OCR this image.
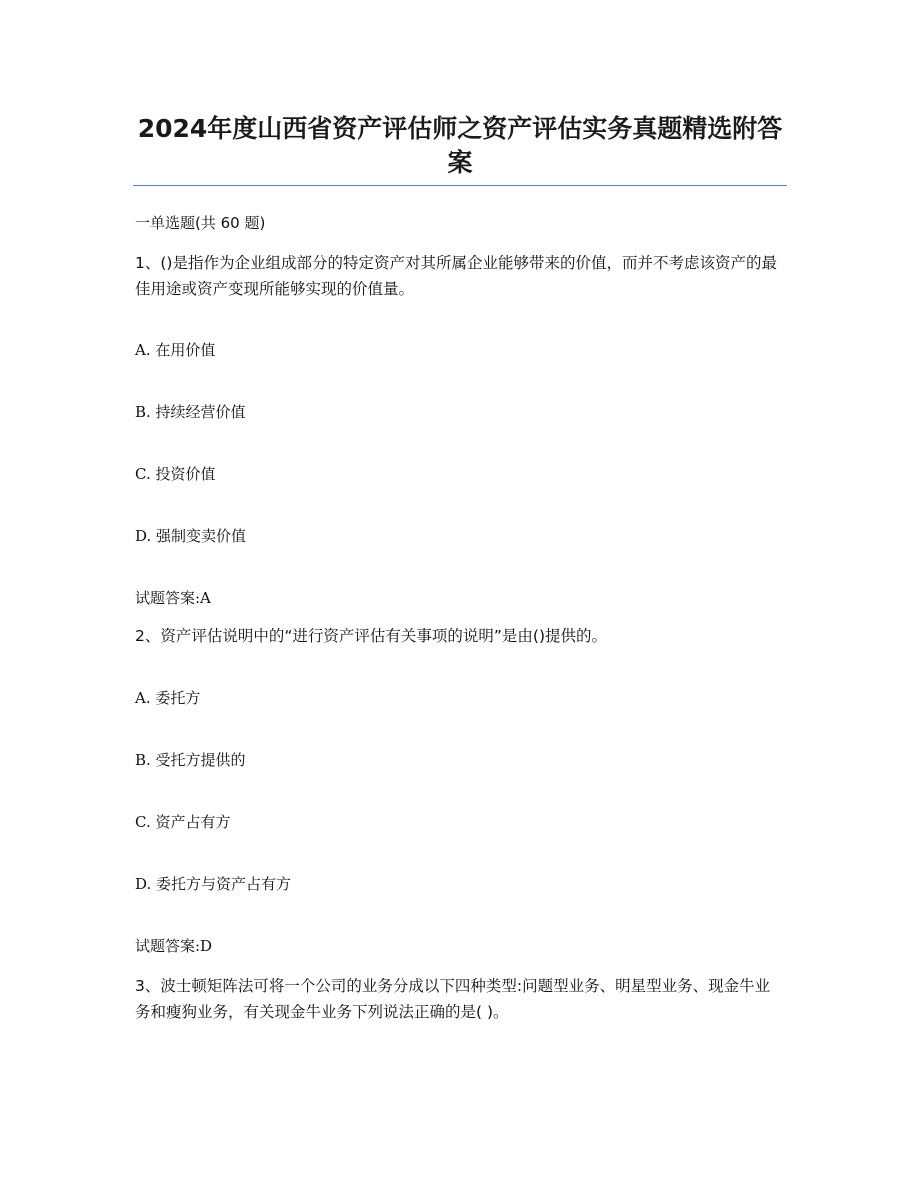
2024年度山西省资产评估师之资产评估实务真题精选附答案

一单选题(共 60 题)

1、()是指作为企业组成部分的特定资产对其所属企业能够带来的价值，而并不考虑该资产的最佳用途或资产变现所能够实现的价值量。

A. 在用价值

B. 持续经营价值

C. 投资价值

D. 强制变卖价值

试题答案:A

2、资产评估说明中的“进行资产评估有关事项的说明”是由()提供的。

A. 委托方

B. 受托方提供的

C. 资产占有方

D. 委托方与资产占有方

试题答案:D

3、波士顿矩阵法可将一个公司的业务分成以下四种类型:问题型业务、明星型业务、现金牛业务和瘦狗业务，有关现金牛业务下列说法正确的是( )。
